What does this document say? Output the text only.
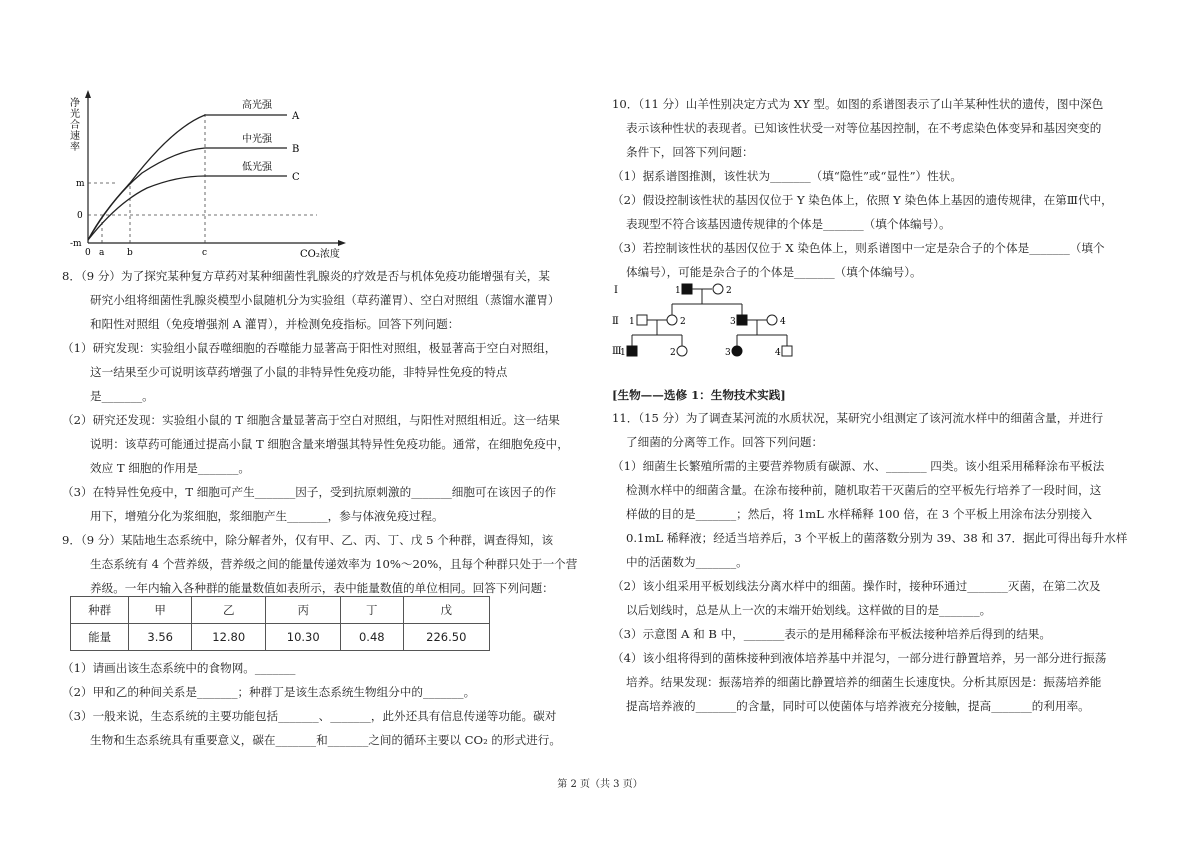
净光合速率
高光强
A
中光强
B
低光强
C
m
0
-m
0 a	b	c	CO₂浓度
8．（9 分）为了探究某种复方草药对某种细菌性乳腺炎的疗效是否与机体免疫功能增强有关，某
研究小组将细菌性乳腺炎模型小鼠随机分为实验组（草药灌胃）、空白对照组（蒸馏水灌胃）
和阳性对照组（免疫增强剂 A 灌胃），并检测免疫指标。回答下列问题：
（1）研究发现：实验组小鼠吞噬细胞的吞噬能力显著高于阳性对照组，极显著高于空白对照组，
这一结果至少可说明该草药增强了小鼠的非特异性免疫功能，非特异性免疫的特点
是_______。
（2）研究还发现：实验组小鼠的 T 细胞含量显著高于空白对照组，与阳性对照组相近。这一结果
说明：该草药可能通过提高小鼠 T 细胞含量来增强其特异性免疫功能。通常，在细胞免疫中，
效应 T 细胞的作用是_______。
（3）在特异性免疫中，T 细胞可产生_______因子，受到抗原刺激的_______细胞可在该因子的作
用下，增殖分化为浆细胞，浆细胞产生_______，参与体液免疫过程。
9．（9 分）某陆地生态系统中，除分解者外，仅有甲、乙、丙、丁、戊 5 个种群，调查得知，该
生态系统有 4 个营养级，营养级之间的能量传递效率为 10%～20%，且每个种群只处于一个营
养级。一年内输入各种群的能量数值如表所示，表中能量数值的单位相同。回答下列问题：
种群	甲	乙	丙	丁	戊
能量	3.56	12.80	10.30	0.48	226.50
（1）请画出该生态系统中的食物网。_______
（2）甲和乙的种间关系是_______；种群丁是该生态系统生物组分中的_______。
（3）一般来说，生态系统的主要功能包括_______、_______，此外还具有信息传递等功能。碳对
生物和生态系统具有重要意义，碳在_______和_______之间的循环主要以 CO₂ 的形式进行。
10．（11 分）山羊性别决定方式为 XY 型。如图的系谱图表示了山羊某种性状的遗传，图中深色
表示该种性状的表现者。已知该性状受一对等位基因控制，在不考虑染色体变异和基因突变的
条件下，回答下列问题：
（1）据系谱图推测，该性状为_______（填“隐性”或“显性”）性状。
（2）假设控制该性状的基因仅位于 Y 染色体上，依照 Y 染色体上基因的遗传规律，在第Ⅲ代中，
表现型不符合该基因遗传规律的个体是_______（填个体编号）。
（3）若控制该性状的基因仅位于 X 染色体上，则系谱图中一定是杂合子的个体是_______（填个
体编号），可能是杂合子的个体是_______（填个体编号）。
Ⅰ
Ⅱ
Ⅲ
1	2
1	2	3	4
1	2	3	4
[生物——选修 1：生物技术实践]
11．（15 分）为了调查某河流的水质状况，某研究小组测定了该河流水样中的细菌含量，并进行
了细菌的分离等工作。回答下列问题：
（1）细菌生长繁殖所需的主要营养物质有碳源、水、_______ 四类。该小组采用稀释涂布平板法
检测水样中的细菌含量。在涂布接种前，随机取若干灭菌后的空平板先行培养了一段时间，这
样做的目的是_______；然后，将 1mL 水样稀释 100 倍，在 3 个平板上用涂布法分别接入
0.1mL 稀释液；经适当培养后，3 个平板上的菌落数分别为 39、38 和 37．据此可得出每升水样
中的活菌数为_______。
（2）该小组采用平板划线法分离水样中的细菌。操作时，接种环通过_______灭菌，在第二次及
以后划线时，总是从上一次的末端开始划线。这样做的目的是_______。
（3）示意图 A 和 B 中，_______表示的是用稀释涂布平板法接种培养后得到的结果。
（4）该小组将得到的菌株接种到液体培养基中并混匀，一部分进行静置培养，另一部分进行振荡
培养。结果发现：振荡培养的细菌比静置培养的细菌生长速度快。分析其原因是：振荡培养能
提高培养液的_______的含量，同时可以使菌体与培养液充分接触，提高_______的利用率。
第 2 页（共 3 页）
